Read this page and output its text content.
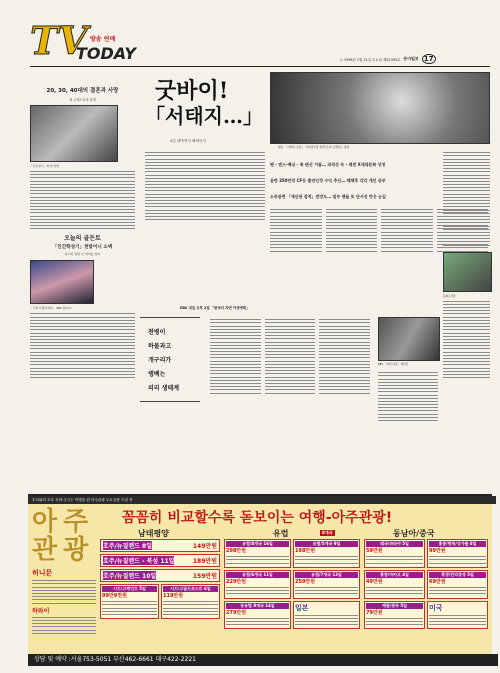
TV 방송 연예
TODAY	⊙ 1996년 1월 31일 수요일 제22395호 동아일보 17
20, 30, 40대의 결혼과 사랑
새 주제드라마 화제
「신혼일기」의 한 장면
오늘의 골든토
「인간학성기」천랑이니 소맥
최고의 방황 더 재미를 찾자
「주부가 좋아지다」 SBS 밤11시
굿바이!
「서태지…」
4년 대박연의 해체까지
팬들 「서태지 은퇴」 기자회견장 앞에 모여 오열하는 장면
팬 - 엔스·배낭 - 록 변신 거듭… 과격성 속 - 레젼 X세대문화 상징
음반 350만장 CF등 출연인정 수익 추산… 해체후 각각 개인 공부
소동관련 「계산된 잠적」전망도… 일부 팬들 또 단서선 반응 눈길
EBS 내일 오후 2일 「한국의 자연 야생생태」
천병이
하물과고
개구리가
탱백는
피리 생태계
EBS 「자연 다큐」 제작진
동화도서관
우리와의 조우 신뢰·주시는 여행을 편 아주관광 주요상품 모집 중
아주관광
허니문
하와이
꼼꼼히 비교할수록 돋보이는 여행-아주관광!
남태평양	유럽	8개국	동남아/중국
호주/뉴질랜드 8일	149만원
호주/뉴질랜드 - 북섬 11일	189만원
호주/뉴질랜드 10일	159만원
시드니/캐언즈 5일
99만9천원
시드니/골드코스트 6일
119만원
유럽/8개국 16일
298만원
유럽/5개국 9일
198만원
유럽/6개국 11일
229만원
유럽/7개국 13일
259만원
동유럽 8개국 14일
279만원
일본
태국/파타야 5일
59만원
홍콩/방콕/싱가폴 8일
99만원
홍콩/마카오 4일
49만원
북경/만리장성 5일
69만원
계림/광주 5일
79만원
미국
상담 및 예약 :서울753-5051 부산462-6661 대구422-2221
